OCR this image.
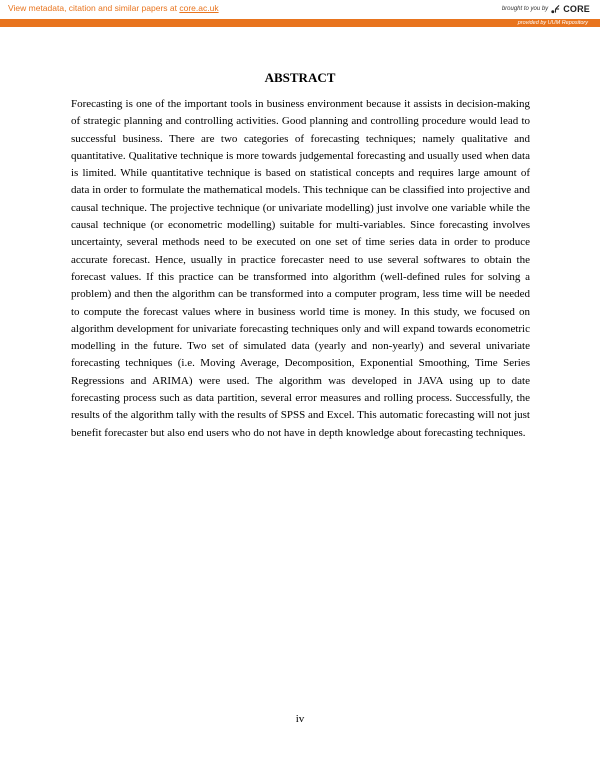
View metadata, citation and similar papers at core.ac.uk	brought to you by CORE
provided by UUM Repository
ABSTRACT

Forecasting is one of the important tools in business environment because it assists in decision-making of strategic planning and controlling activities. Good planning and controlling procedure would lead to successful business. There are two categories of forecasting techniques; namely qualitative and quantitative. Qualitative technique is more towards judgemental forecasting and usually used when data is limited. While quantitative technique is based on statistical concepts and requires large amount of data in order to formulate the mathematical models. This technique can be classified into projective and causal technique. The projective technique (or univariate modelling) just involve one variable while the causal technique (or econometric modelling) suitable for multi-variables. Since forecasting involves uncertainty, several methods need to be executed on one set of time series data in order to produce accurate forecast. Hence, usually in practice forecaster need to use several softwares to obtain the forecast values. If this practice can be transformed into algorithm (well-defined rules for solving a problem) and then the algorithm can be transformed into a computer program, less time will be needed to compute the forecast values where in business world time is money. In this study, we focused on algorithm development for univariate forecasting techniques only and will expand towards econometric modelling in the future. Two set of simulated data (yearly and non-yearly) and several univariate forecasting techniques (i.e. Moving Average, Decomposition, Exponential Smoothing, Time Series Regressions and ARIMA) were used. The algorithm was developed in JAVA using up to date forecasting process such as data partition, several error measures and rolling process. Successfully, the results of the algorithm tally with the results of SPSS and Excel. This automatic forecasting will not just benefit forecaster but also end users who do not have in depth knowledge about forecasting techniques.

iv
